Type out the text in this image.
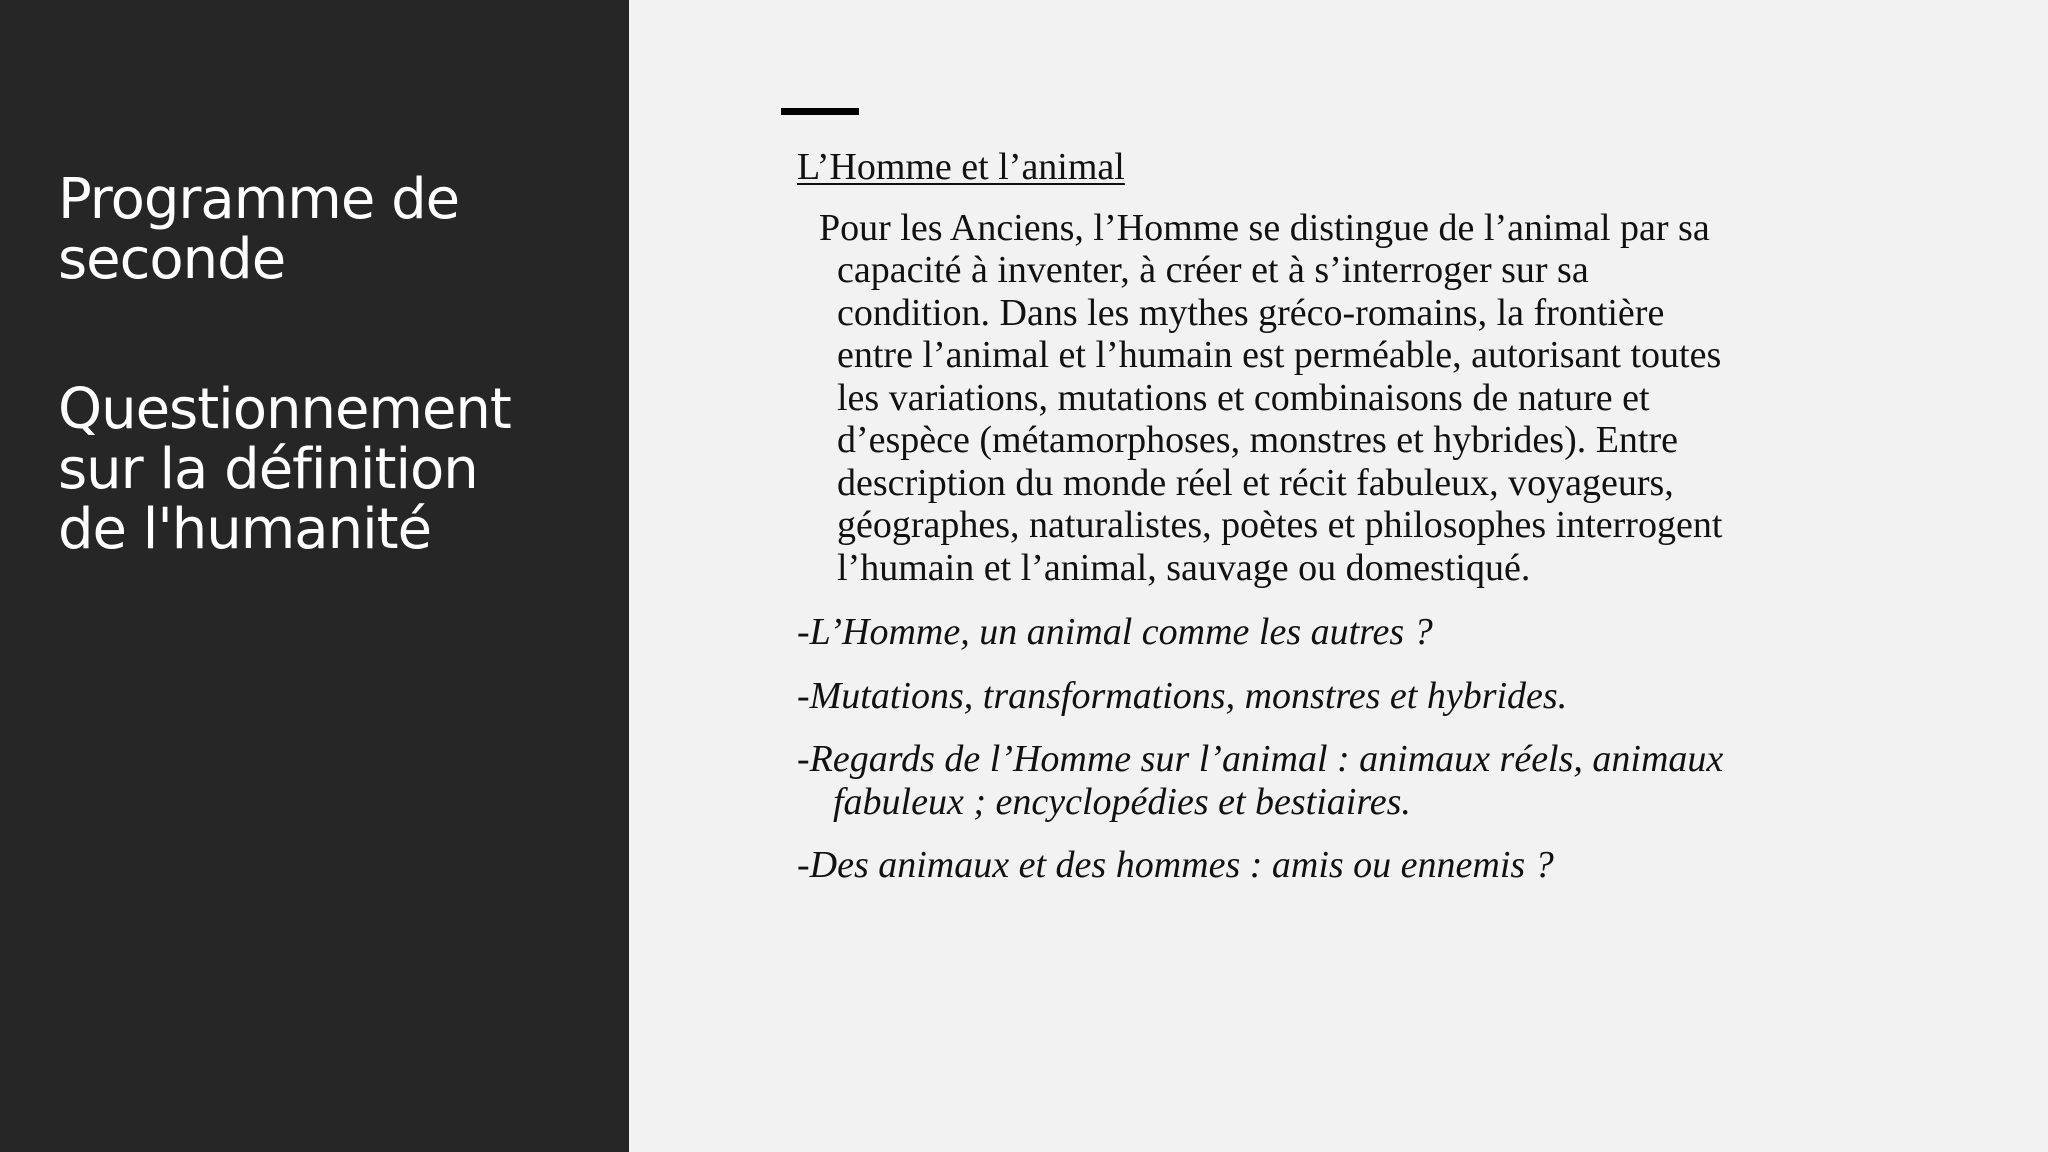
Programme de
seconde

Questionnement
sur la définition
de l'humanité

L’Homme et l’animal

Pour les Anciens, l’Homme se distingue de l’animal par sa
capacité à inventer, à créer et à s’interroger sur sa
condition. Dans les mythes gréco-romains, la frontière
entre l’animal et l’humain est perméable, autorisant toutes
les variations, mutations et combinaisons de nature et
d’espèce (métamorphoses, monstres et hybrides). Entre
description du monde réel et récit fabuleux, voyageurs,
géographes, naturalistes, poètes et philosophes interrogent
l’humain et l’animal, sauvage ou domestiqué.

-L’Homme, un animal comme les autres ?

-Mutations, transformations, monstres et hybrides.

-Regards de l’Homme sur l’animal : animaux réels, animaux
fabuleux ; encyclopédies et bestiaires.

-Des animaux et des hommes : amis ou ennemis ?
